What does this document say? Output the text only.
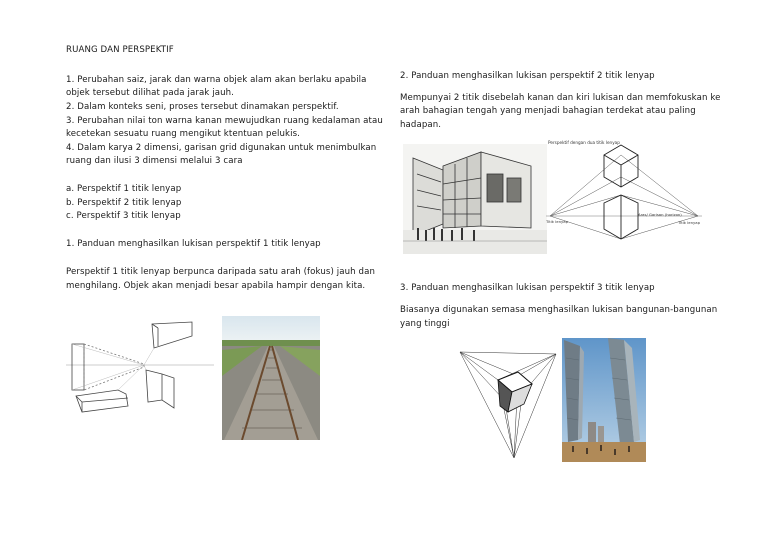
RUANG DAN PERSPEKTIF
1. Perubahan saiz, jarak dan warna objek alam akan berlaku apabila
objek tersebut dilihat pada jarak jauh.
2. Dalam konteks seni, proses tersebut dinamakan perspektif.
3. Perubahan nilai ton warna kanan mewujudkan ruang kedalaman atau
kecetekan sesuatu ruang mengikut ktentuan pelukis.
4. Dalam karya 2 dimensi, garisan grid digunakan untuk menimbulkan
ruang dan ilusi 3 dimensi melalui 3 cara
a. Perspektif 1 titik lenyap
b. Perspektif 2 titik lenyap
c. Perspektif 3 titik lenyap
1. Panduan menghasilkan lukisan perspektif 1 titik lenyap
Perspektif 1 titik lenyap berpunca daripada satu arah (fokus) jauh dan
menghilang. Objek akan menjadi besar apabila hampir dengan kita.
2. Panduan menghasilkan lukisan perspektif 2 titik lenyap
Mempunyai 2 titik disebelah kanan dan kiri lukisan dan memfokuskan ke
arah bahagian tengah yang menjadi bahagian terdekat atau paling
hadapan.
Perspektif dengan dua titik lenyap
Titik lenyap
Aras/ Garisan (horizon)
Titik lenyap
3. Panduan menghasilkan lukisan perspektif 3 titik lenyap
Biasanya digunakan semasa menghasilkan lukisan bangunan-bangunan
yang tinggi
